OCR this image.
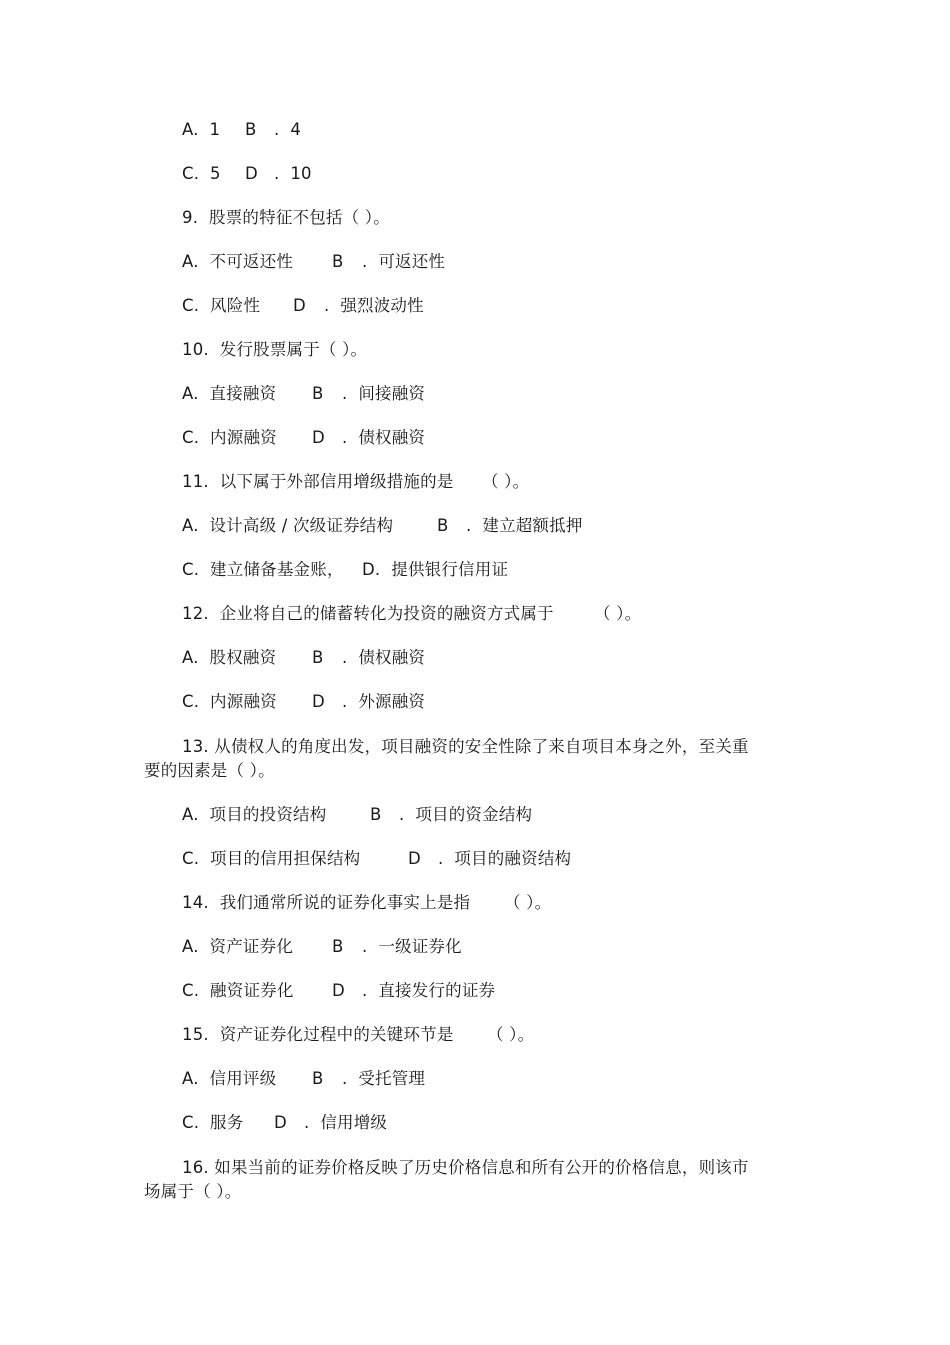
A.  1

B

.  4

C.  5

D

.  10

9.  股票的特征不包括（ ）。

A.  不可返还性

B

.  可返还性

C.  风险性

D

.  强烈波动性

10.  发行股票属于（ ）。

A.  直接融资

B

.  间接融资

C.  内源融资

D

.  债权融资

11.  以下属于外部信用增级措施的是

（ ）。

A.  设计高级 / 次级证券结构

	B

.  建立超额抵押

C.  建立储备基金账，

D.  提供银行信用证

12.  企业将自己的储蓄转化为投资的融资方式属于

（ ）。

A.  股权融资

B

.  债权融资

C.  内源融资

D

.  外源融资

13. 从债权人的角度出发，项目融资的安全性除了来自项目本身之外，至关重要的因素是（ ）。

A.  项目的投资结构

	B

.  项目的资金结构

C.  项目的信用担保结构

	D

.  项目的融资结构

14.  我们通常所说的证券化事实上是指

（ ）。

A.  资产证券化

B

.  一级证券化

C.  融资证券化

D

.  直接发行的证券

15.  资产证券化过程中的关键环节是

（ ）。

A.  信用评级

B

.  受托管理

C.  服务

D

.  信用增级

16. 如果当前的证券价格反映了历史价格信息和所有公开的价格信息，则该市场属于（ ）。
